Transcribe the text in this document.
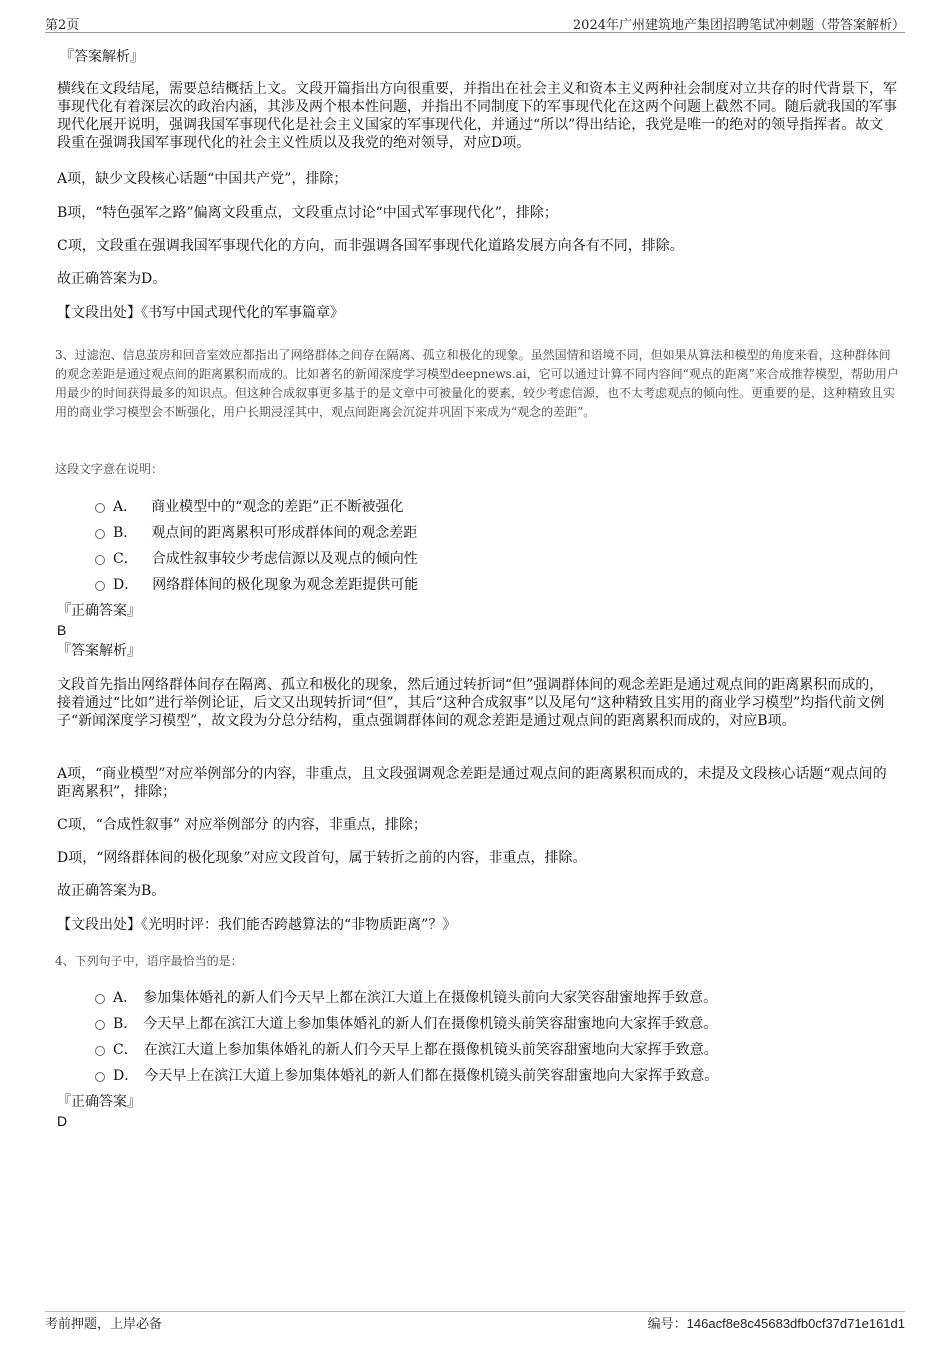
第2页	2024年广州建筑地产集团招聘笔试冲刺题（带答案解析）
『答案解析』
横线在文段结尾，需要总结概括上文。文段开篇指出方向很重要，并指出在社会主义和资本主义两种社会制度对立共存的时代背景下，军事现代化有着深层次的政治内涵，其涉及两个根本性问题，并指出不同制度下的军事现代化在这两个问题上截然不同。随后就我国的军事现代化展开说明，强调我国军事现代化是社会主义国家的军事现代化，并通过“所以”得出结论，我党是唯一的绝对的领导指挥者。故文段重在强调我国军事现代化的社会主义性质以及我党的绝对领导，对应D项。
A项，缺少文段核心话题“中国共产党”，排除；
B项，“特色强军之路”偏离文段重点，文段重点讨论“中国式军事现代化”，排除；
C项，文段重在强调我国军事现代化的方向，而非强调各国军事现代化道路发展方向各有不同，排除。
故正确答案为D。
【文段出处】《书写中国式现代化的军事篇章》
3、过滤泡、信息茧房和回音室效应都指出了网络群体之间存在隔离、孤立和极化的现象。虽然国情和语境不同，但如果从算法和模型的角度来看，这种群体间的观念差距是通过观点间的距离累积而成的。比如著名的新闻深度学习模型deepnews.ai，它可以通过计算不同内容间“观点的距离”来合成推荐模型，帮助用户用最少的时间获得最多的知识点。但这种合成叙事更多基于的是文章中可被量化的要素，较少考虑信源，也不太考虑观点的倾向性。更重要的是，这种精致且实用的商业学习模型会不断强化，用户长期浸淫其中，观点间距离会沉淀并巩固下来成为“观念的差距”。
这段文字意在说明：
A． 商业模型中的“观念的差距”正不断被强化
B． 观点间的距离累积可形成群体间的观念差距
C． 合成性叙事较少考虑信源以及观点的倾向性
D． 网络群体间的极化现象为观念差距提供可能
『正确答案』
B
『答案解析』
文段首先指出网络群体间存在隔离、孤立和极化的现象，然后通过转折词“但”强调群体间的观念差距是通过观点间的距离累积而成的，接着通过“比如”进行举例论证，后文又出现转折词“但”，其后“这种合成叙事”以及尾句“这种精致且实用的商业学习模型”均指代前文例子“新闻深度学习模型”，故文段为分总分结构，重点强调群体间的观念差距是通过观点间的距离累积而成的，对应B项。
A项，“商业模型”对应举例部分的内容，非重点，且文段强调观念差距是通过观点间的距离累积而成的，未提及文段核心话题“观点间的距离累积”，排除；
C项，“合成性叙事” 对应举例部分 的内容，非重点，排除；
D项，“网络群体间的极化现象”对应文段首句，属于转折之前的内容，非重点，排除。
故正确答案为B。
【文段出处】《光明时评：我们能否跨越算法的“非物质距离”？》
4、下列句子中，语序最恰当的是：
A． 参加集体婚礼的新人们今天早上都在滨江大道上在摄像机镜头前向大家笑容甜蜜地挥手致意。
B． 今天早上都在滨江大道上参加集体婚礼的新人们在摄像机镜头前笑容甜蜜地向大家挥手致意。
C． 在滨江大道上参加集体婚礼的新人们今天早上都在摄像机镜头前笑容甜蜜地向大家挥手致意。
D． 今天早上在滨江大道上参加集体婚礼的新人们都在摄像机镜头前笑容甜蜜地向大家挥手致意。
『正确答案』
D
考前押题，上岸必备	编号：146acf8e8c45683dfb0cf37d71e161d1
